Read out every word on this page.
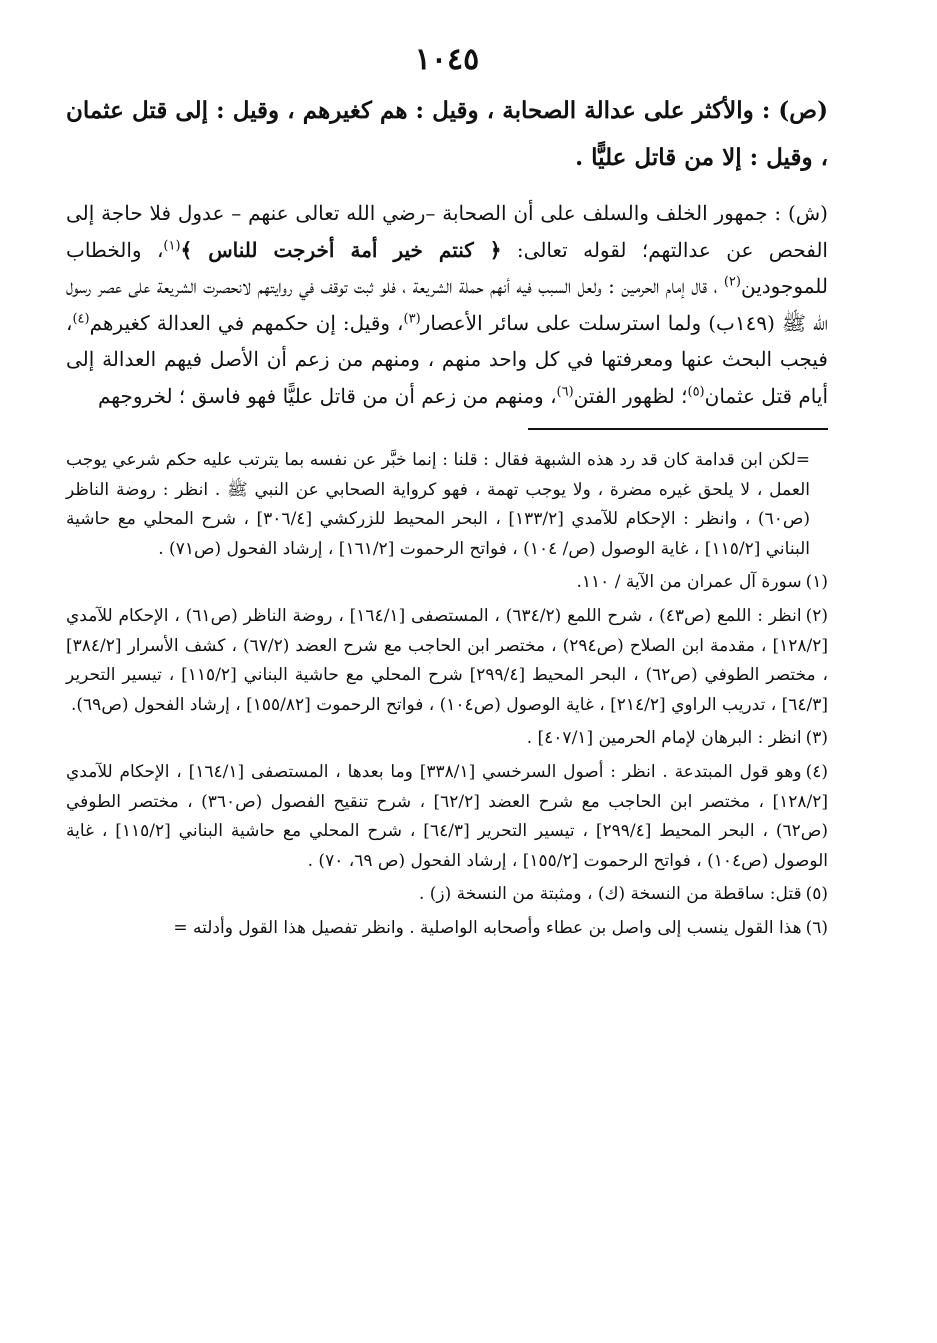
١٠٤٥

(ص) : والأكثر على عدالة الصحابة ، وقيل : هم كغيرهم ، وقيل : إلى قتل عثمان ، وقيل : إلا من قاتل عليًّا .

(ش) : جمهور الخلف والسلف على أن الصحابة –رضي الله تعالى عنهم – عدول فلا حاجة إلى الفحص عن عدالتهم؛ لقوله تعالى: ﴿ كنتم خير أمة أخرجت للناس ﴾$^{(١)}$، والخطاب للموجودين$^{(٢)}$ ، قال إمام الحرمين : ولعل السبب فيه أنهم حملة الشريعة ، فلو ثبت توقف في روايتهم لانحصرت الشريعة على عصر رسول الله ﷺ (١٤٩ب) ولما استرسلت على سائر الأعصار$^{(٣)}$، وقيل: إن حكمهم في العدالة كغيرهم$^{(٤)}$، فيجب البحث عنها ومعرفتها في كل واحد منهم ، ومنهم من زعم أن الأصل فيهم العدالة إلى أيام قتل عثمان$^{(٥)}$؛ لظهور الفتن$^{(٦)}$، ومنهم من زعم أن من قاتل عليًّا فهو فاسق ؛ لخروجهم

=لكن ابن قدامة كان قد رد هذه الشبهة فقال : قلنا : إنما خبَّر عن نفسه بما يترتب عليه حكم شرعي يوجب العمل ، لا يلحق غيره مضرة ، ولا يوجب تهمة ، فهو كرواية الصحابي عن النبي ﷺ . انظر : روضة الناظر (ص٦٠) ، وانظر : الإحكام للآمدي [١٣٣/٢] ، البحر المحيط للزركشي [٣٠٦/٤] ، شرح المحلي مع حاشية البناني [١١٥/٢] ، غاية الوصول (ص/ ١٠٤) ، فواتح الرحموت [١٦١/٢] ، إرشاد الفحول (ص٧١) .

(١)سورة آل عمران من الآية / ١١٠.

(٢)انظر : اللمع (ص٤٣) ، شرح اللمع (٦٣٤/٢) ، المستصفى [١٦٤/١] ، روضة الناظر (ص٦١) ، الإحكام للآمدي [١٢٨/٢] ، مقدمة ابن الصلاح (ص٢٩٤) ، مختصر ابن الحاجب مع شرح العضد (٦٧/٢) ، كشف الأسرار [٣٨٤/٢] ، مختصر الطوفي (ص٦٢) ، البحر المحيط [٢٩٩/٤] شرح المحلي مع حاشية البناني [١١٥/٢] ، تيسير التحرير [٦٤/٣] ، تدريب الراوي [٢١٤/٢] ، غاية الوصول (ص١٠٤) ، فواتح الرحموت [١٥٥/٨٢] ، إرشاد الفحول (ص٦٩).

(٣)انظر : البرهان لإمام الحرمين [٤٠٧/١] .

(٤)وهو قول المبتدعة . انظر : أصول السرخسي [٣٣٨/١] وما بعدها ، المستصفى [١٦٤/١] ، الإحكام للآمدي [١٢٨/٢] ، مختصر ابن الحاجب مع شرح العضد [٦٢/٢] ، شرح تنقيح الفصول (ص٣٦٠) ، مختصر الطوفي (ص٦٢) ، البحر المحيط [٢٩٩/٤] ، تيسير التحرير [٦٤/٣] ، شرح المحلي مع حاشية البناني [١١٥/٢] ، غاية الوصول (ص١٠٤) ، فواتح الرحموت [١٥٥/٢] ، إرشاد الفحول (ص ٦٩، ٧٠) .

(٥)قتل: ساقطة من النسخة (ك) ، ومثبتة من النسخة (ز) .

(٦)هذا القول ينسب إلى واصل بن عطاء وأصحابه الواصلية . وانظر تفصيل هذا القول وأدلته =
